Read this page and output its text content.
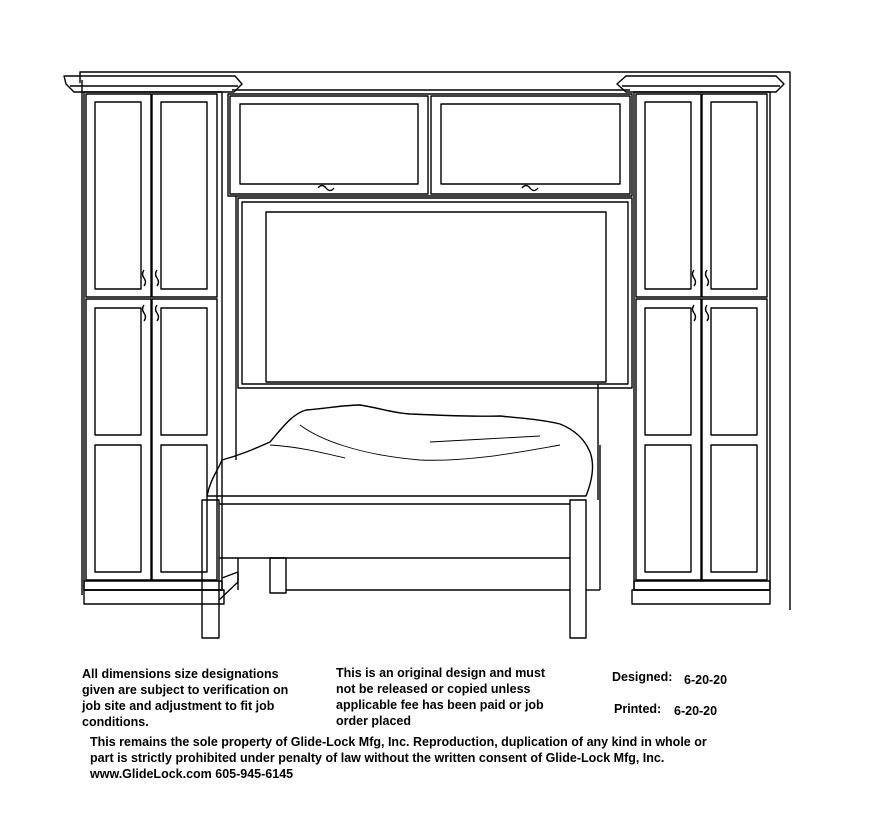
All dimensions size designations
given are subject to verification on
job site and adjustment to fit job
conditions.

This is an original design and must
not be released or copied unless
applicable fee has been paid or job
order placed

Designed: 6-20-20
Printed: 6-20-20

This remains the sole property of Glide-Lock Mfg, Inc. Reproduction, duplication of any kind in whole or
part is strictly prohibited under penalty of law without the written consent of Glide-Lock Mfg, Inc.
www.GlideLock.com 605-945-6145
